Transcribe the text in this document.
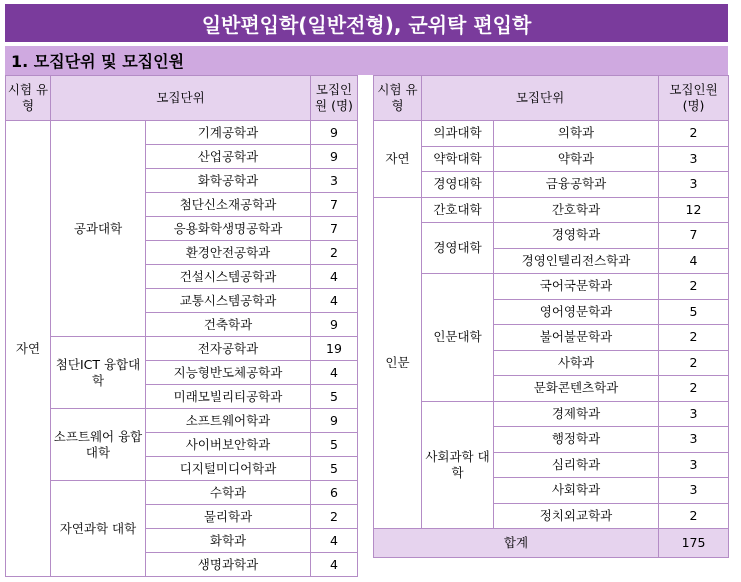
일반편입학(일반전형), 군위탁 편입학
1. 모집단위 및 모집인원
시험 유형	모집단위		모집인원 (명)
자연	공과대학	기계공학과	9
		산업공학과	9
		화학공학과	3
		첨단신소재공학과	7
		응용화학생명공학과	7
		환경안전공학과	2
		건설시스템공학과	4
		교통시스템공학과	4
		건축학과	9
	첨단ICT 융합대학	전자공학과	19
		지능형반도체공학과	4
		미래모빌리티공학과	5
	소프트웨어 융합대학	소프트웨어학과	9
		사이버보안학과	5
		디지털미디어학과	5
	자연과학 대학	수학과	6
		물리학과	2
		화학과	4
		생명과학과	4
시험 유형	모집단위		모집인원 (명)
자연	의과대학	의학과	2
	약학대학	약학과	3
	경영대학	금융공학과	3
인문	간호대학	간호학과	12
	경영대학	경영학과	7
		경영인텔리전스학과	4
	인문대학	국어국문학과	2
		영어영문학과	5
		불어불문학과	2
		사학과	2
		문화콘텐츠학과	2
	사회과학 대학	경제학과	3
		행정학과	3
		심리학과	3
		사회학과	3
		정치외교학과	2
합계			175
